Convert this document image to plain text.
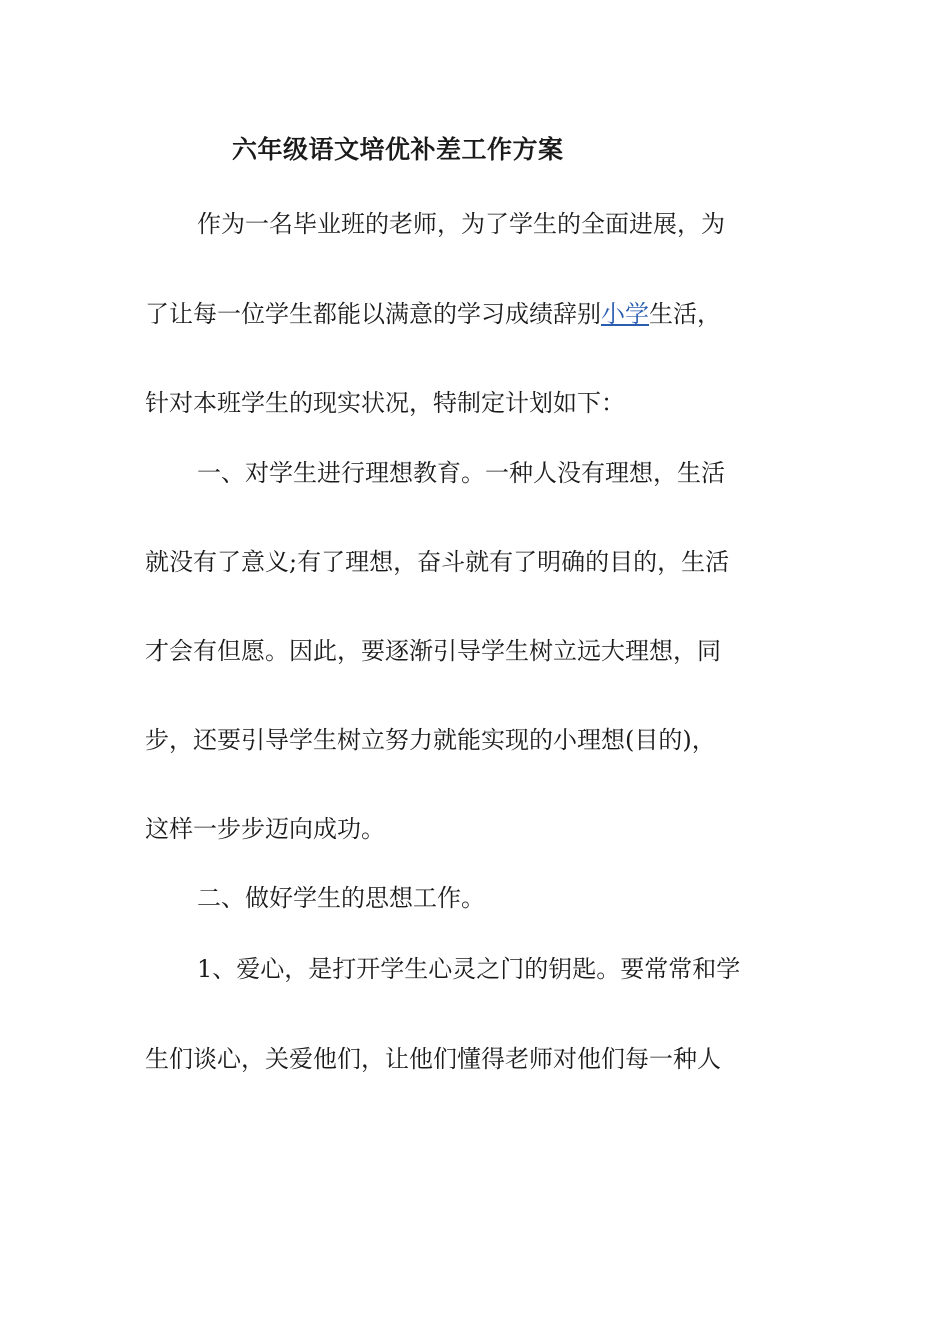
六年级语文培优补差工作方案
作为一名毕业班的老师，为了学生的全面进展，为
了让每一位学生都能以满意的学习成绩辞别小学生活，
针对本班学生的现实状况，特制定计划如下：
一、对学生进行理想教育。一种人没有理想，生活
就没有了意义;有了理想，奋斗就有了明确的目的，生活
才会有但愿。因此，要逐渐引导学生树立远大理想，同
步，还要引导学生树立努力就能实现的小理想(目的)，
这样一步步迈向成功。
二、做好学生的思想工作。
1、爱心，是打开学生心灵之门的钥匙。要常常和学
生们谈心，关爱他们，让他们懂得老师对他们每一种人
